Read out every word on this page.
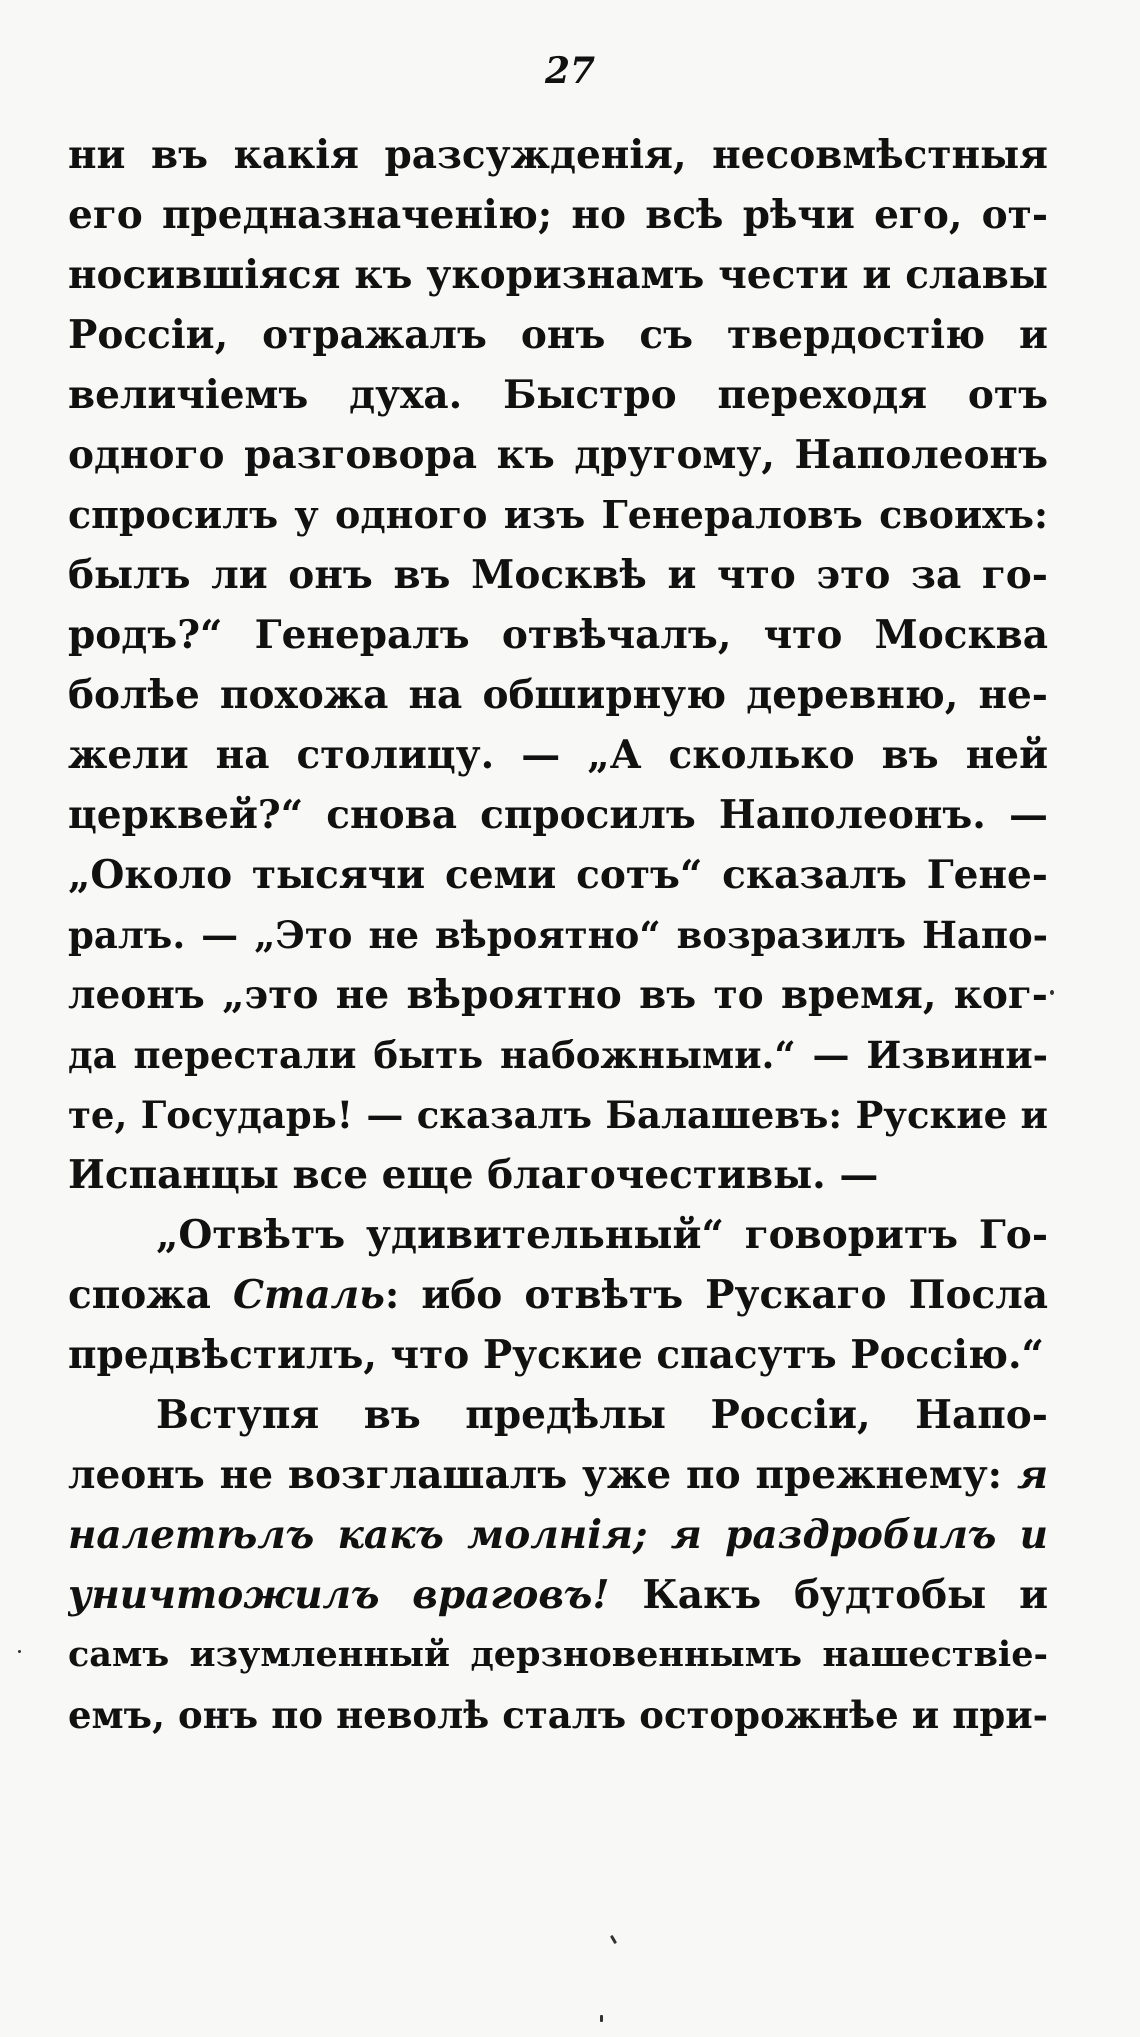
27
ни въ какія разсужденія, несовмѣстныя
его предназначенію; но всѣ рѣчи его, от-
носившіяся къ укоризнамъ чести и славы
Россіи, отражалъ онъ съ твердостію и
величіемъ духа. Быстро переходя отъ
одного разговора къ другому, Наполеонъ
спросилъ у одного изъ Генераловъ своихъ:
былъ ли онъ въ Москвѣ и что это за го-
родъ?“ Генералъ отвѣчалъ, что Москва
болѣе похожа на обширную деревню, не-
жели на столицу. — „А сколько въ ней
церквей?“ снова спросилъ Наполеонъ. —
„Около тысячи семи сотъ“ сказалъ Гене-
ралъ. — „Это не вѣроятно“ возразилъ Напо-
леонъ „это не вѣроятно въ то время, ког-
да перестали быть набожными.“ — Извини-
те, Государь! — сказалъ Балашевъ: Руские и
Испанцы все еще благочестивы. —
„Отвѣтъ удивительный“ говоритъ Го-
спожа Сталь: ибо отвѣтъ Рускаго Посла
предвѣстилъ, что Руские спасутъ Россію.“
Вступя въ предѣлы Россіи, Напо-
леонъ не возглашалъ уже по прежнему: я
налетѣлъ какъ молнія; я раздробилъ и
уничтожилъ враговъ! Какъ будтобы и
самъ изумленный дерзновеннымъ нашествіе-
емъ, онъ по неволѣ сталъ осторожнѣе и при-
